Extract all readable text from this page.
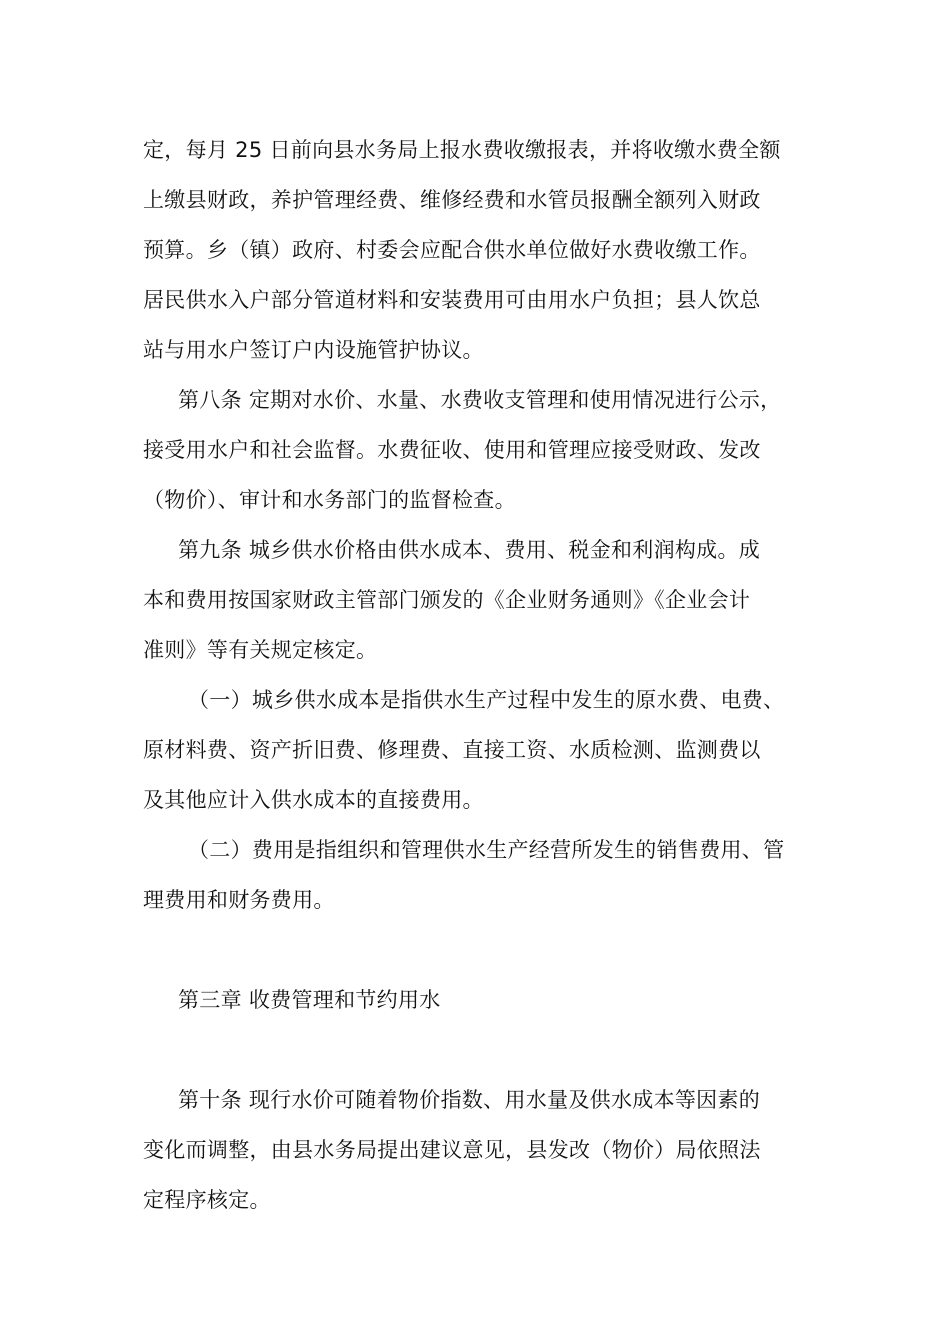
定，每月 25 日前向县水务局上报水费收缴报表，并将收缴水费全额
上缴县财政，养护管理经费、维修经费和水管员报酬全额列入财政
预算。乡（镇）政府、村委会应配合供水单位做好水费收缴工作。
居民供水入户部分管道材料和安装费用可由用水户负担；县人饮总
站与用水户签订户内设施管护协议。
第八条 定期对水价、水量、水费收支管理和使用情况进行公示，
接受用水户和社会监督。水费征收、使用和管理应接受财政、发改
（物价）、审计和水务部门的监督检查。
第九条 城乡供水价格由供水成本、费用、税金和利润构成。成
本和费用按国家财政主管部门颁发的《企业财务通则》《企业会计
准则》等有关规定核定。
（一）城乡供水成本是指供水生产过程中发生的原水费、电费、
原材料费、资产折旧费、修理费、直接工资、水质检测、监测费以
及其他应计入供水成本的直接费用。
（二）费用是指组织和管理供水生产经营所发生的销售费用、管
理费用和财务费用。
第三章 收费管理和节约用水
第十条 现行水价可随着物价指数、用水量及供水成本等因素的
变化而调整，由县水务局提出建议意见，县发改（物价）局依照法
定程序核定。
